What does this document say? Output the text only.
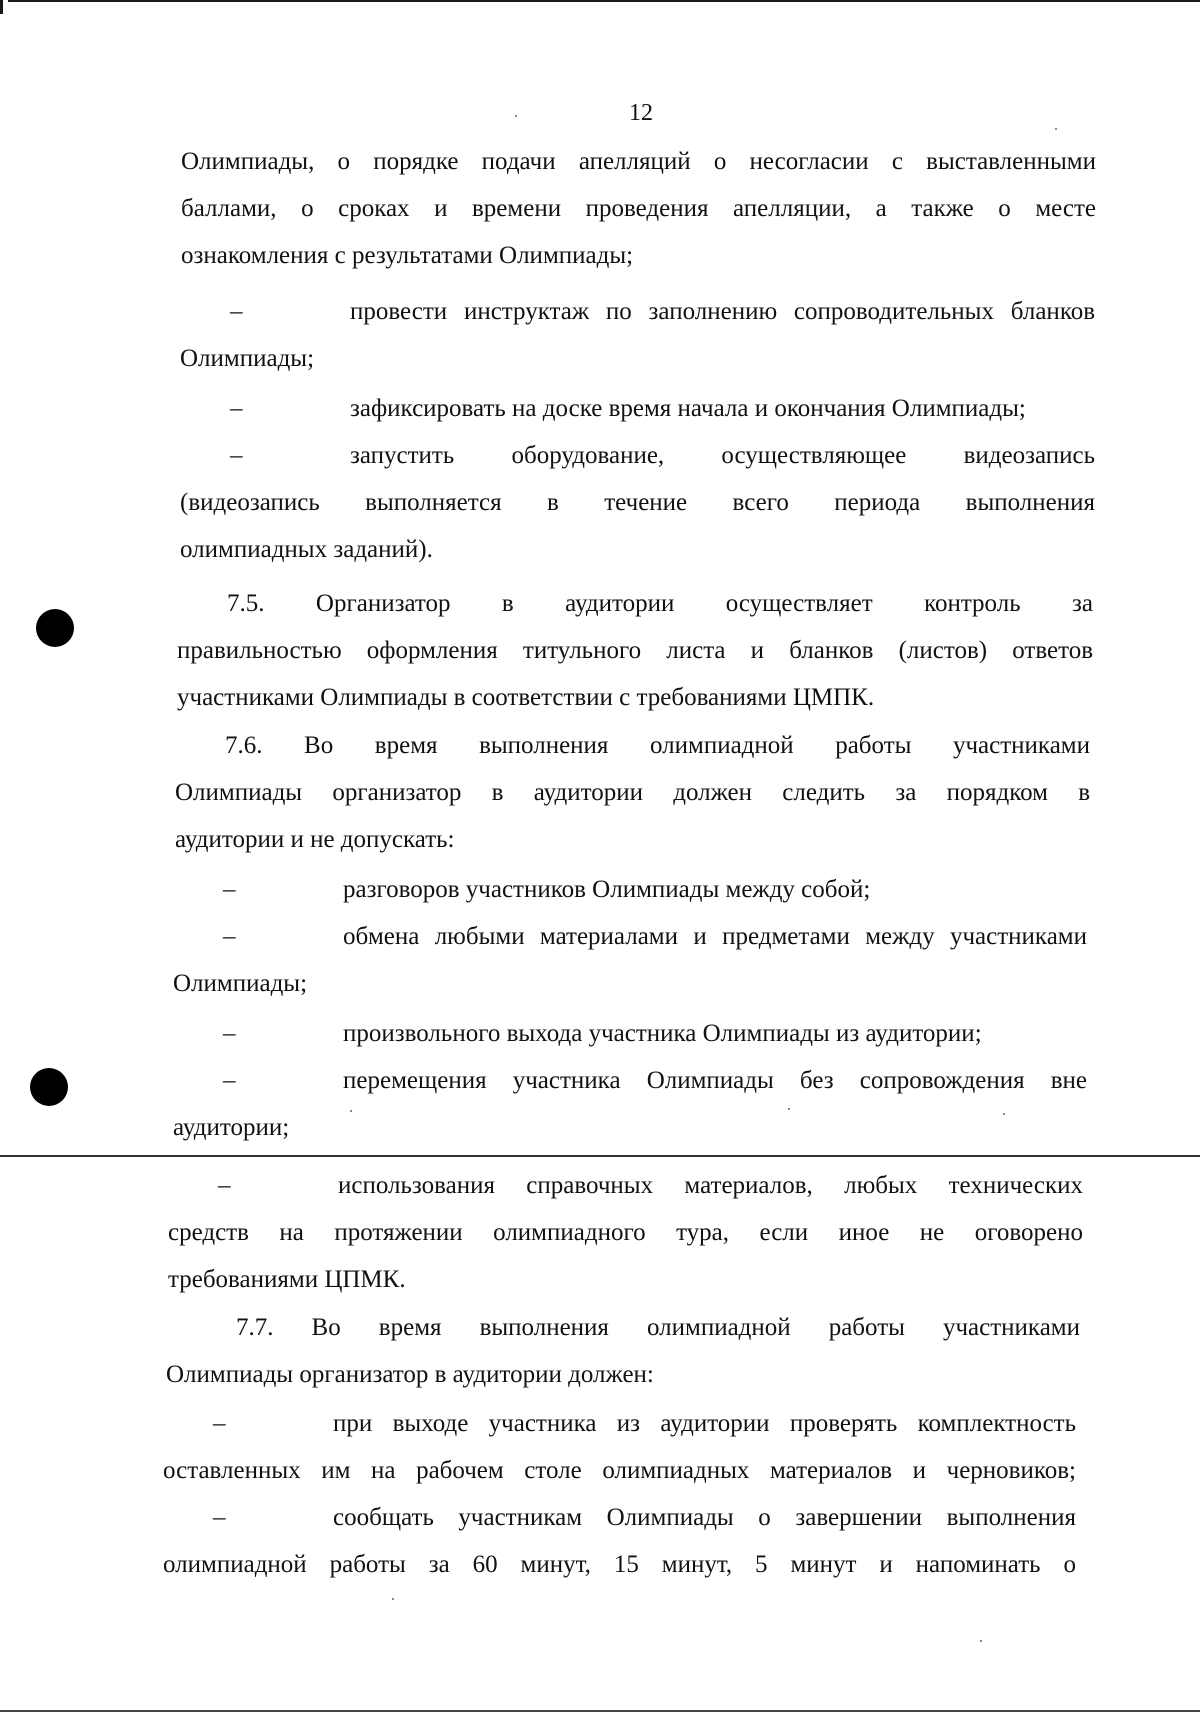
12
Олимпиады, о порядке подачи апелляций о несогласии с выставленными
баллами, о сроках и времени проведения апелляции, а также о месте
ознакомления с результатами Олимпиады;
–	провести инструктаж по заполнению сопроводительных бланков
Олимпиады;
–	зафиксировать на доске время начала и окончания Олимпиады;
–	запустить оборудование, осуществляющее видеозапись
(видеозапись выполняется в течение всего периода выполнения
олимпиадных заданий).
7.5. Организатор в аудитории осуществляет контроль за
правильностью оформления титульного листа и бланков (листов) ответов
участниками Олимпиады в соответствии с требованиями ЦМПК.
7.6. Во время выполнения олимпиадной работы участниками
Олимпиады организатор в аудитории должен следить за порядком в
аудитории и не допускать:
–	разговоров участников Олимпиады между собой;
–	обмена любыми материалами и предметами между участниками
Олимпиады;
–	произвольного выхода участника Олимпиады из аудитории;
–	перемещения участника Олимпиады без сопровождения вне
аудитории;
–	использования справочных материалов, любых технических
средств на протяжении олимпиадного тура, если иное не оговорено
требованиями ЦПМК.
7.7. Во время выполнения олимпиадной работы участниками
Олимпиады организатор в аудитории должен:
–	при выходе участника из аудитории проверять комплектность
оставленных им на рабочем столе олимпиадных материалов и черновиков;
–	сообщать участникам Олимпиады о завершении выполнения
олимпиадной работы за 60 минут, 15 минут, 5 минут и напоминать о
